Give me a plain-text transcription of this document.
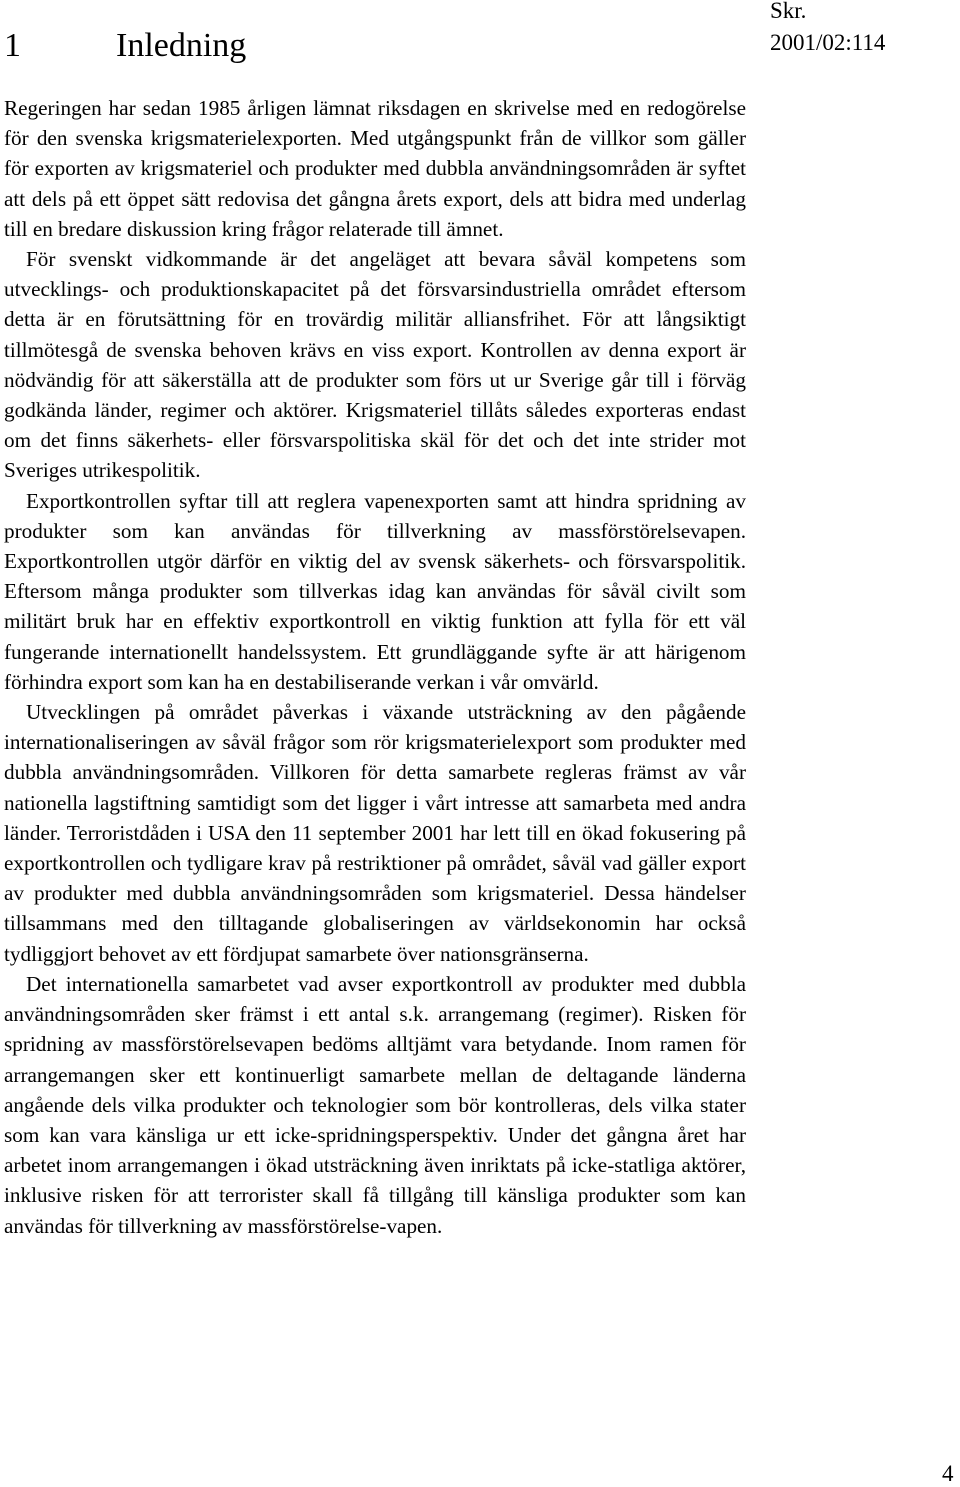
1	Inledning
Skr.
2001/02:114

Regeringen har sedan 1985 årligen lämnat riksdagen en skrivelse med en redogörelse för den svenska krigsmaterielexporten. Med utgångspunkt från de villkor som gäller för exporten av krigsmateriel och produkter med dubbla användningsområden är syftet att dels på ett öppet sätt redovisa det gångna årets export, dels att bidra med underlag till en bredare diskussion kring frågor relaterade till ämnet.

För svenskt vidkommande är det angeläget att bevara såväl kompetens som utvecklings- och produktionskapacitet på det försvarsindustriella området eftersom detta är en förutsättning för en trovärdig militär alliansfrihet. För att långsiktigt tillmötesgå de svenska behoven krävs en viss export. Kontrollen av denna export är nödvändig för att säkerställa att de produkter som förs ut ur Sverige går till i förväg godkända länder, regimer och aktörer. Krigsmateriel tillåts således exporteras endast om det finns säkerhets- eller försvarspolitiska skäl för det och det inte strider mot Sveriges utrikespolitik.

Exportkontrollen syftar till att reglera vapenexporten samt att hindra spridning av produkter som kan användas för tillverkning av massförstörelsevapen. Exportkontrollen utgör därför en viktig del av svensk säkerhets- och försvarspolitik. Eftersom många produkter som tillverkas idag kan användas för såväl civilt som militärt bruk har en effektiv exportkontroll en viktig funktion att fylla för ett väl fungerande internationellt handelssystem. Ett grundläggande syfte är att härigenom förhindra export som kan ha en destabiliserande verkan i vår omvärld.

Utvecklingen på området påverkas i växande utsträckning av den pågående internationaliseringen av såväl frågor som rör krigsmaterielexport som produkter med dubbla användningsområden. Villkoren för detta samarbete regleras främst av vår nationella lagstiftning samtidigt som det ligger i vårt intresse att samarbeta med andra länder. Terroristdåden i USA den 11 september 2001 har lett till en ökad fokusering på exportkontrollen och tydligare krav på restriktioner på området, såväl vad gäller export av produkter med dubbla användningsområden som krigsmateriel. Dessa händelser tillsammans med den tilltagande globaliseringen av världsekonomin har också tydliggjort behovet av ett fördjupat samarbete över nationsgränserna.

Det internationella samarbetet vad avser exportkontroll av produkter med dubbla användningsområden sker främst i ett antal s.k. arrangemang (regimer). Risken för spridning av massförstörelsevapen bedöms alltjämt vara betydande. Inom ramen för arrangemangen sker ett kontinuerligt samarbete mellan de deltagande länderna angående dels vilka produkter och teknologier som bör kontrolleras, dels vilka stater som kan vara känsliga ur ett icke-spridningsperspektiv. Under det gångna året har arbetet inom arrangemangen i ökad utsträckning även inriktats på icke-statliga aktörer, inklusive risken för att terrorister skall få tillgång till känsliga produkter som kan användas för tillverkning av massförstörelse-vapen.

4
